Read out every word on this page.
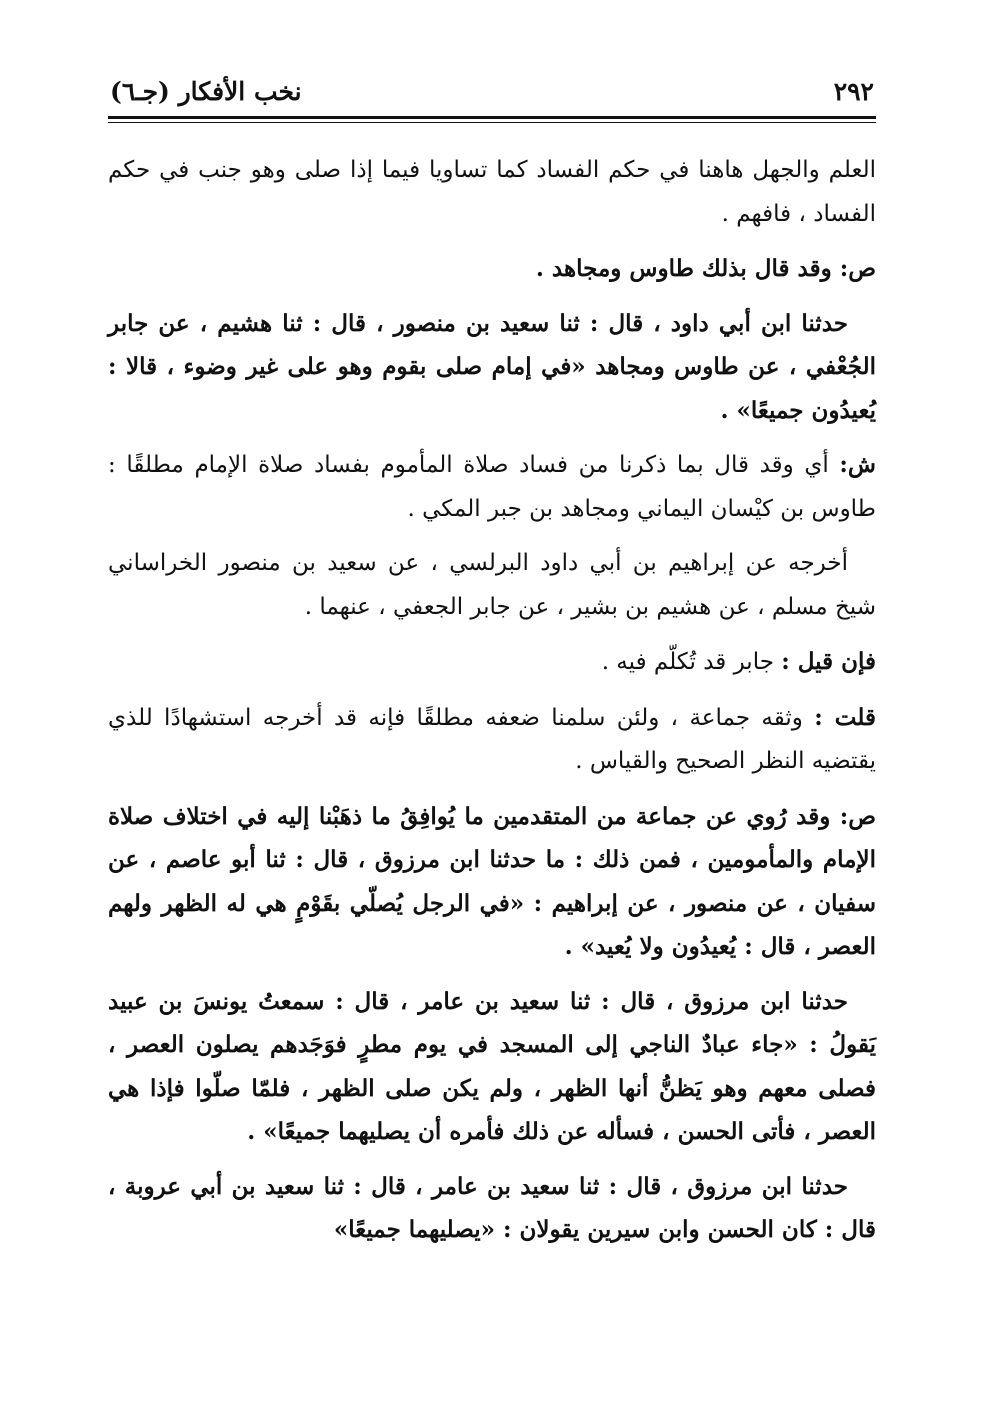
٢٩٢
نخب الأفكار (جـ٦)

العلم والجهل هاهنا في حكم الفساد كما تساويا فيما إذا صلى وهو جنب في حكم الفساد ، فافهم .

ص: وقد قال بذلك طاوس ومجاهد .

حدثنا ابن أبي داود ، قال : ثنا سعيد بن منصور ، قال : ثنا هشيم ، عن جابر الجُعْفي ، عن طاوس ومجاهد «في إمام صلى بقوم وهو على غير وضوء ، قالا : يُعيدُون جميعًا» .

ش: أي وقد قال بما ذكرنا من فساد صلاة المأموم بفساد صلاة الإمام مطلقًا : طاوس بن كيْسان اليماني ومجاهد بن جبر المكي .

أخرجه عن إبراهيم بن أبي داود البرلسي ، عن سعيد بن منصور الخراساني شيخ مسلم ، عن هشيم بن بشير ، عن جابر الجعفي ، عنهما .

فإن قيل : جابر قد تُكلّم فيه .

قلت : وثقه جماعة ، ولئن سلمنا ضعفه مطلقًا فإنه قد أخرجه استشهادًا للذي يقتضيه النظر الصحيح والقياس .

ص: وقد رُوي عن جماعة من المتقدمين ما يُوافِقُ ما ذهَبْنا إليه في اختلاف صلاة الإمام والمأمومين ، فمن ذلك : ما حدثنا ابن مرزوق ، قال : ثنا أبو عاصم ، عن سفيان ، عن منصور ، عن إبراهيم : «في الرجل يُصلّي بقَوْمٍ هي له الظهر ولهم العصر ، قال : يُعيدُون ولا يُعيد» .

حدثنا ابن مرزوق ، قال : ثنا سعيد بن عامر ، قال : سمعتُ يونسَ بن عبيد يَقولُ : «جاء عبادٌ الناجي إلى المسجد في يوم مطرٍ فوَجَدهم يصلون العصر ، فصلى معهم وهو يَظنُّ أنها الظهر ، ولم يكن صلى الظهر ، فلمّا صلّوا فإذا هي العصر ، فأتى الحسن ، فسأله عن ذلك فأمره أن يصليهما جميعًا» .

حدثنا ابن مرزوق ، قال : ثنا سعيد بن عامر ، قال : ثنا سعيد بن أبي عروبة ، قال : كان الحسن وابن سيرين يقولان : «يصليهما جميعًا»
